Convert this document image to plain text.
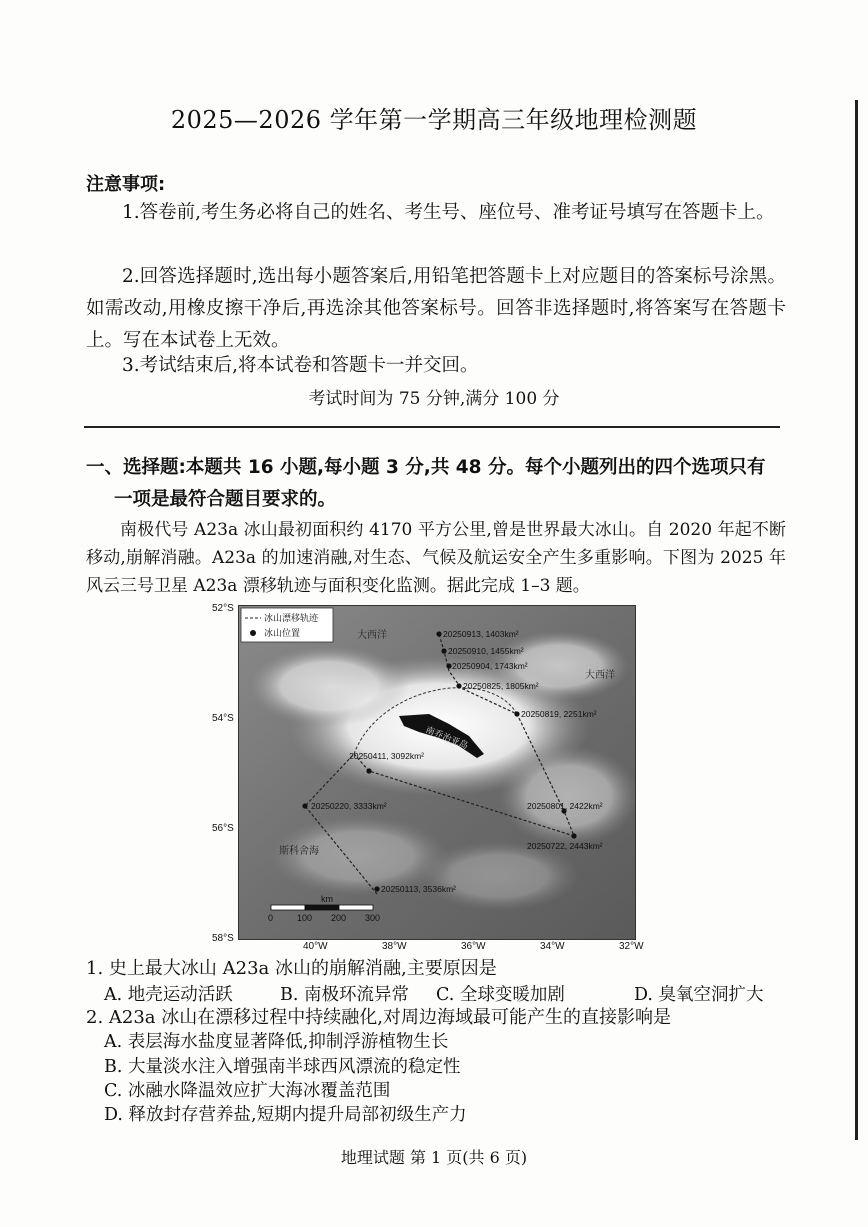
2025—2026 学年第一学期高三年级地理检测题
注意事项:
1.答卷前,考生务必将自己的姓名、考生号、座位号、准考证号填写在答题卡上。
2.回答选择题时,选出每小题答案后,用铅笔把答题卡上对应题目的答案标号涂黑。如需改动,用橡皮擦干净后,再选涂其他答案标号。回答非选择题时,将答案写在答题卡上。写在本试卷上无效。
3.考试结束后,将本试卷和答题卡一并交回。
考试时间为 75 分钟,满分 100 分
一、选择题:本题共 16 小题,每小题 3 分,共 48 分。每个小题列出的四个选项只有
一项是最符合题目要求的。
南极代号 A23a 冰山最初面积约 4170 平方公里,曾是世界最大冰山。自 2020 年起不断移动,崩解消融。A23a 的加速消融,对生态、气候及航运安全产生多重影响。下图为 2025 年风云三号卫星 A23a 漂移轨迹与面积变化监测。据此完成 1–3 题。
52°S
54°S
56°S
58°S
40°W	38°W	36°W	34°W	32°W
南乔治亚岛
冰山漂移轨迹
冰山位置	大西洋
大西洋
斯科舍海
20250913, 1403km²
20250910, 1455km²
20250904, 1743km²
20250825, 1805km²
20250819, 2251km²
20250801, 2422km²
20250722, 2443km²
20250411, 3092km²
20250220, 3333km²
20250113, 3536km²
km
0	100 200 300
1. 史上最大冰山 A23a 冰山的崩解消融,主要原因是
A. 地壳运动活跃	B. 南极环流异常 C. 全球变暖加剧	D. 臭氧空洞扩大
2. A23a 冰山在漂移过程中持续融化,对周边海域最可能产生的直接影响是
A. 表层海水盐度显著降低,抑制浮游植物生长
B. 大量淡水注入增强南半球西风漂流的稳定性
C. 冰融水降温效应扩大海冰覆盖范围
D. 释放封存营养盐,短期内提升局部初级生产力
地理试题 第 1 页(共 6 页)
